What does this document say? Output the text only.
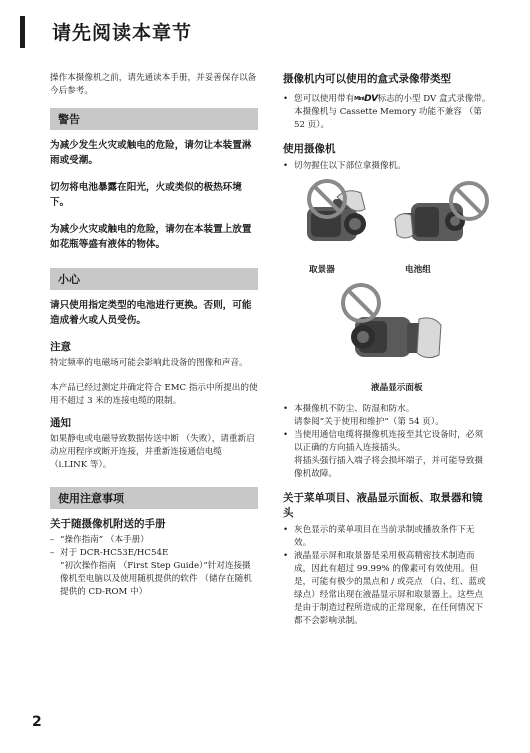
请先阅读本章节

操作本摄像机之前，请先通读本手册，并妥善保存以备今后参考。

警告

为减少发生火灾或触电的危险，请勿让本装置淋雨或受潮。

切勿将电池暴露在阳光，火或类似的极热环境下。

为减少火灾或触电的危险，请勿在本装置上放置如花瓶等盛有液体的物体。

小心

请只使用指定类型的电池进行更换。否则，可能造成着火或人员受伤。

注意

特定频率的电磁场可能会影响此设备的图像和声音。

本产品已经过测定并确定符合 EMC 指示中所提出的使用不超过 3 米的连接电缆的限制。

通知

如果静电或电磁导致数据传送中断 （失败），请重新启动应用程序或断开连接，并重新连接通信电缆 （i.LINK 等）。

使用注意事项
关于随摄像机附送的手册
– “操作指南” （本手册）
– 对于 DCR-HC53E/HC54E
“初次操作指南 （First Step Guide）”针对连接摄像机至电脑以及使用随机提供的软件 （储存在随机提供的 CD-ROM 中）
摄像机内可以使用的盒式录像带类型
• 您可以使用带有$^{Mini}$DV标志的小型 DV 盒式录像带。本摄像机与 Cassette Memory 功能不兼容 （第 52 页）。
使用摄像机
• 切勿握住以下部位拿摄像机。
取景器	电池组
液晶显示面板
• 本摄像机不防尘、防湿和防水。
请参阅“关于使用和维护”（第 54 页）。
• 当使用通信电缆将摄像机连接至其它设备时，必须以正确的方向插入连接插头。
将插头强行插入端子将会损坏端子，并可能导致摄像机故障。
关于菜单项目、液晶显示面板、取景器和镜头
• 灰色显示的菜单项目在当前录制或播放条件下无效。
• 液晶显示屏和取景器是采用极高精密技术制造而成，因此有超过 99.99% 的像素可有效使用。但是，可能有极少的黑点和 / 或亮点 （白、红、蓝或绿点）经常出现在液晶显示屏和取景器上。这些点是由于制造过程所造成的正常现象，在任何情况下都不会影响录制。
2
